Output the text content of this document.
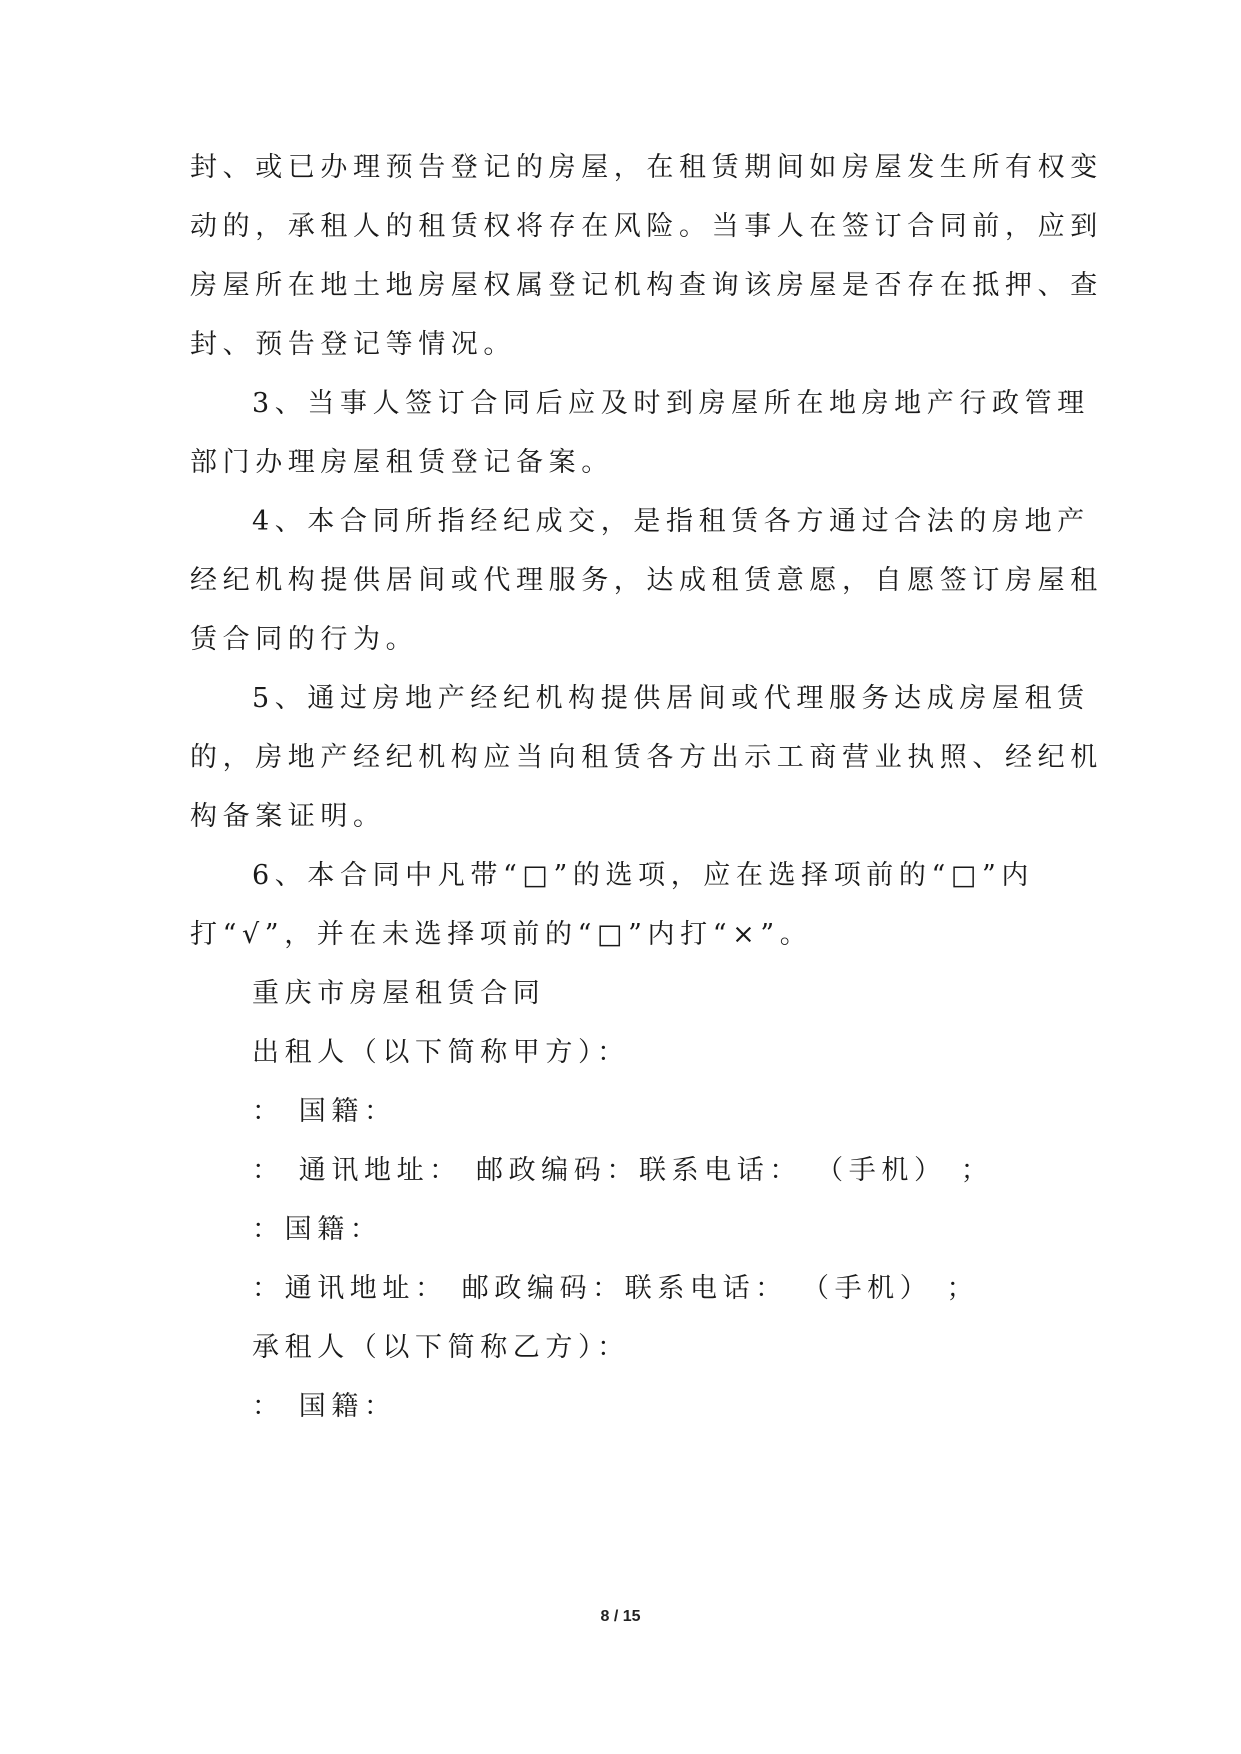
封、或已办理预告登记的房屋，在租赁期间如房屋发生所有权变
动的，承租人的租赁权将存在风险。当事人在签订合同前，应到
房屋所在地土地房屋权属登记机构查询该房屋是否存在抵押、查
封、预告登记等情况。
3、当事人签订合同后应及时到房屋所在地房地产行政管理
部门办理房屋租赁登记备案。
4、本合同所指经纪成交，是指租赁各方通过合法的房地产
经纪机构提供居间或代理服务，达成租赁意愿，自愿签订房屋租
赁合同的行为。
5、通过房地产经纪机构提供居间或代理服务达成房屋租赁
的，房地产经纪机构应当向租赁各方出示工商营业执照、经纪机
构备案证明。
6、本合同中凡带“□”的选项，应在选择项前的“□”内
打“√”，并在未选择项前的“□”内打“×”。
重庆市房屋租赁合同
出租人（以下简称甲方）：
： 国籍：
： 通讯地址： 邮政编码：联系电话： （手机） ；
：国籍：
：通讯地址： 邮政编码：联系电话： （手机） ；
承租人（以下简称乙方）：
： 国籍：
8 / 15
